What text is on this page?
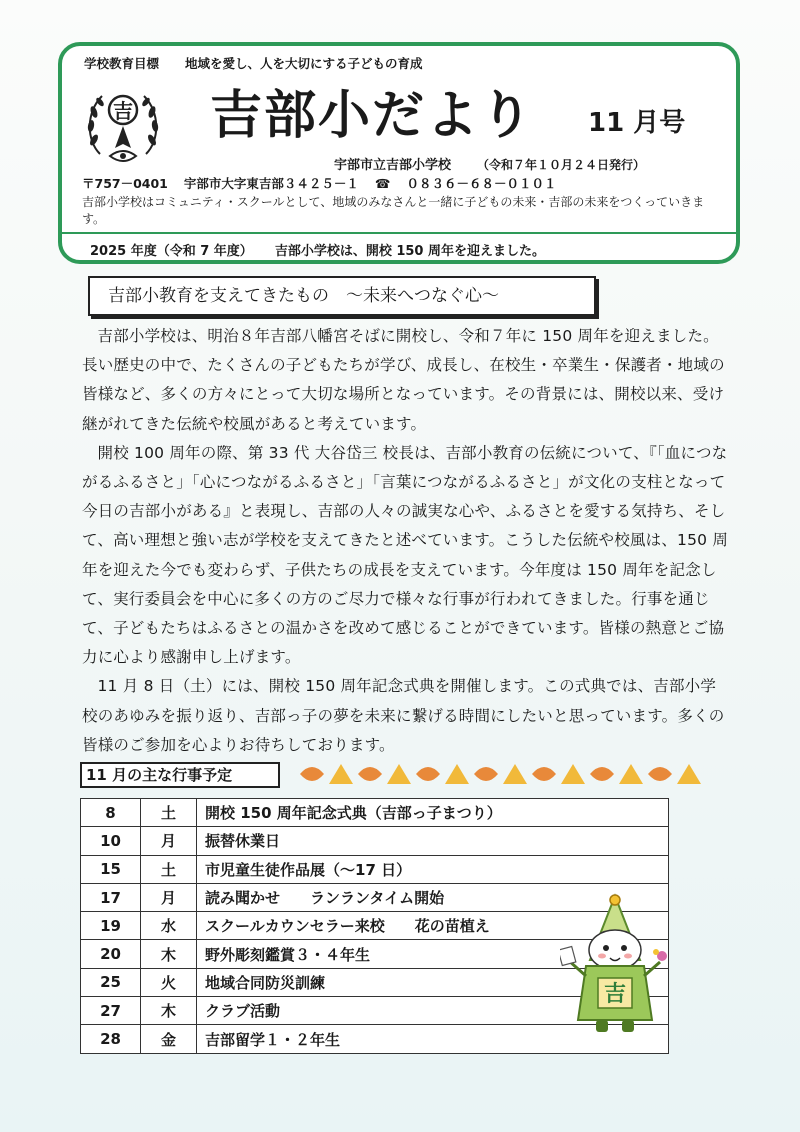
学校教育目標 地域を愛し、人を大切にする子どもの育成
吉 吉部小だより 11 月号
宇部市立吉部小学校 （令和７年１０月２４日発行）
〒757－0401 宇部市大字東吉部３４２５－１ ☎ ０８３６－６８－０１０１
吉部小学校はコミュニティ・スクールとして、地域のみなさんと一緒に子どもの未来・吉部の未来をつくっていきます。
2025 年度（令和 7 年度） 吉部小学校は、開校 150 周年を迎えました。
吉部小教育を支えてきたもの　～未来へつなぐ心～

吉部小学校は、明治８年吉部八幡宮そばに開校し、令和７年に 150 周年を迎えました。長い歴史の中で、たくさんの子どもたちが学び、成長し、在校生・卒業生・保護者・地域の皆様など、多くの方々にとって大切な場所となっています。その背景には、開校以来、受け継がれてきた伝統や校風があると考えています。

開校 100 周年の際、第 33 代 大谷岱三 校長は、吉部小教育の伝統について、『「血につながるふるさと」「心につながるふるさと」「言葉につながるふるさと」が文化の支柱となって今日の吉部小がある』と表現し、吉部の人々の誠実な心や、ふるさとを愛する気持ち、そして、高い理想と強い志が学校を支えてきたと述べています。こうした伝統や校風は、150 周年を迎えた今でも変わらず、子供たちの成長を支えています。今年度は 150 周年を記念して、実行委員会を中心に多くの方のご尽力で様々な行事が行われてきました。行事を通じて、子どもたちはふるさとの温かさを改めて感じることができています。皆様の熱意とご協力に心より感謝申し上げます。

11 月 8 日（土）には、開校 150 周年記念式典を開催します。この式典では、吉部小学校のあゆみを振り返り、吉部っ子の夢を未来に繋げる時間にしたいと思っています。多くの皆様のご参加を心よりお待ちしております。

11 月の主な行事予定
8	土	開校 150 周年記念式典（吉部っ子まつり）
10	月	振替休業日
15	土	市児童生徒作品展（～17 日）
17	月	読み聞かせ　　ランランタイム開始
19	水	スクールカウンセラー来校　　花の苗植え
20	木	野外彫刻鑑賞３・４年生
25	火	地域合同防災訓練
27	木	クラブ活動
28	金	吉部留学１・２年生
吉
